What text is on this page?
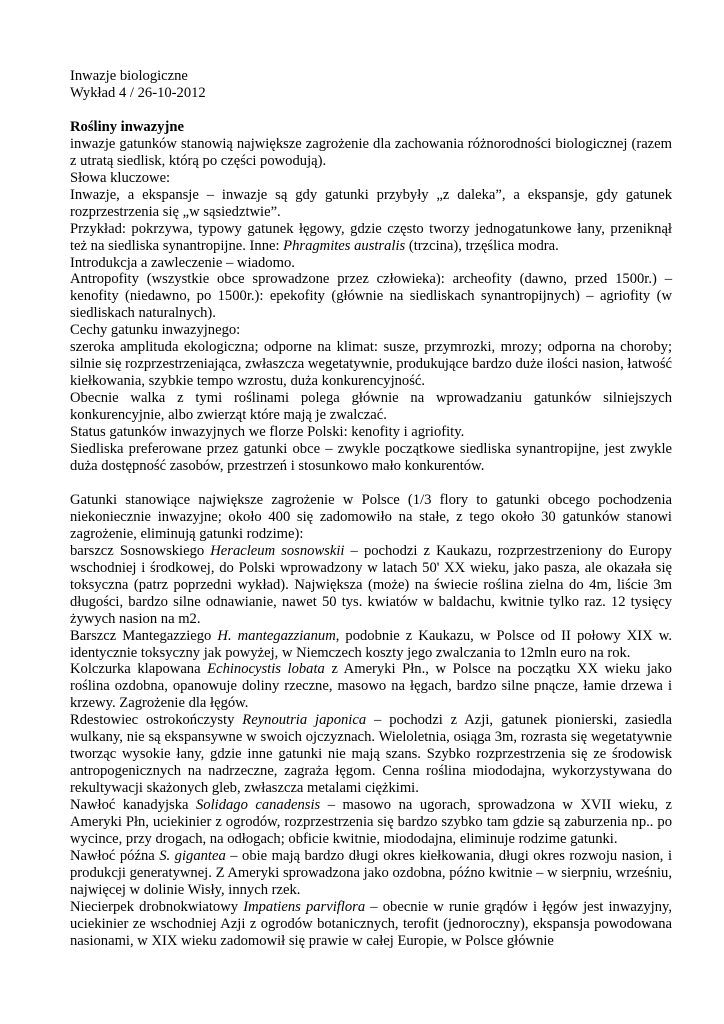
Inwazje biologiczne

Wykład 4 / 26-10-2012

Rośliny inwazyjne

inwazje gatunków stanowią największe zagrożenie dla zachowania różnorodności biologicznej (razem z utratą siedlisk, którą po części powodują).

Słowa kluczowe:

Inwazje, a ekspansje – inwazje są gdy gatunki przybyły „z daleka”, a ekspansje, gdy gatunek rozprzestrzenia się „w sąsiedztwie”.

Przykład: pokrzywa, typowy gatunek łęgowy, gdzie często tworzy jednogatunkowe łany, przeniknął też na siedliska synantropijne. Inne: Phragmites australis (trzcina), trzęślica modra.

Introdukcja a zawleczenie – wiadomo.

Antropofity (wszystkie obce sprowadzone przez człowieka): archeofity (dawno, przed 1500r.) – kenofity (niedawno, po 1500r.): epekofity (głównie na siedliskach synantropijnych) – agriofity (w siedliskach naturalnych).

Cechy gatunku inwazyjnego:

szeroka amplituda ekologiczna; odporne na klimat: susze, przymrozki, mrozy; odporna na choroby; silnie się rozprzestrzeniająca, zwłaszcza wegetatywnie, produkujące bardzo duże ilości nasion, łatwość kiełkowania, szybkie tempo wzrostu, duża konkurencyjność.

Obecnie walka z tymi roślinami polega głównie na wprowadzaniu gatunków silniejszych konkurencyjnie, albo zwierząt które mają je zwalczać.

Status gatunków inwazyjnych we florze Polski: kenofity i agriofity.

Siedliska preferowane przez gatunki obce – zwykle początkowe siedliska synantropijne, jest zwykle duża dostępność zasobów, przestrzeń i stosunkowo mało konkurentów.

Gatunki stanowiące największe zagrożenie w Polsce (1/3 flory to gatunki obcego pochodzenia niekoniecznie inwazyjne; około 400 się zadomowiło na stałe, z tego około 30 gatunków stanowi zagrożenie, eliminują gatunki rodzime):

barszcz Sosnowskiego Heracleum sosnowskii – pochodzi z Kaukazu, rozprzestrzeniony do Europy wschodniej i środkowej, do Polski wprowadzony w latach 50' XX wieku, jako pasza, ale okazała się toksyczna (patrz poprzedni wykład). Największa (może) na świecie roślina zielna do 4m, liście 3m długości, bardzo silne odnawianie, nawet 50 tys. kwiatów w baldachu, kwitnie tylko raz. 12 tysięcy żywych nasion na m2.

Barszcz Mantegazziego H. mantegazzianum, podobnie z Kaukazu, w Polsce od II połowy XIX w. identycznie toksyczny jak powyżej, w Niemczech koszty jego zwalczania to 12mln euro na rok.

Kolczurka klapowana Echinocystis lobata z Ameryki Płn., w Polsce na początku XX wieku jako roślina ozdobna, opanowuje doliny rzeczne, masowo na łęgach, bardzo silne pnącze, łamie drzewa i krzewy. Zagrożenie dla łęgów.

Rdestowiec ostrokończysty Reynoutria japonica – pochodzi z Azji, gatunek pionierski, zasiedla wulkany, nie są ekspansywne w swoich ojczyznach. Wieloletnia, osiąga 3m, rozrasta się wegetatywnie tworząc wysokie łany, gdzie inne gatunki nie mają szans. Szybko rozprzestrzenia się ze środowisk antropogenicznych na nadrzeczne, zagraża łęgom. Cenna roślina miododajna, wykorzystywana do rekultywacji skażonych gleb, zwłaszcza metalami ciężkimi.

Nawłoć kanadyjska Solidago canadensis – masowo na ugorach, sprowadzona w XVII wieku, z Ameryki Płn, uciekinier z ogrodów, rozprzestrzenia się bardzo szybko tam gdzie są zaburzenia np.. po wycince, przy drogach, na odłogach; obficie kwitnie, miododajna, eliminuje rodzime gatunki.

Nawłoć późna S. gigantea – obie mają bardzo długi okres kiełkowania, długi okres rozwoju nasion, i produkcji generatywnej. Z Ameryki sprowadzona jako ozdobna, późno kwitnie – w sierpniu, wrześniu, najwięcej w dolinie Wisły, innych rzek.

Niecierpek drobnokwiatowy Impatiens parviflora – obecnie w runie grądów i łęgów jest inwazyjny, uciekinier ze wschodniej Azji z ogrodów botanicznych, terofit (jednoroczny), ekspansja powodowana nasionami, w XIX wieku zadomowił się prawie w całej Europie, w Polsce głównie
